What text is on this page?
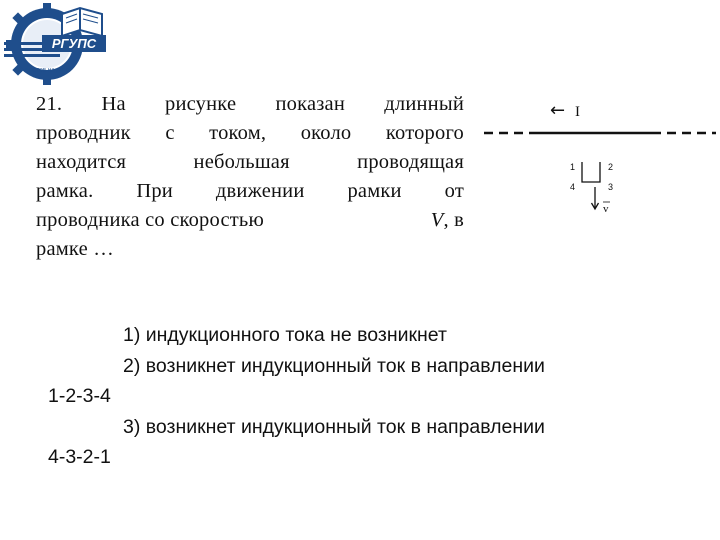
РГУПС
РОСТОВ-НА-ДОНУ
21. На рисунке показан длинный
проводник с током, около которого
находится небольшая проводящая
рамка. При движении рамки от
проводника со скоростью	V, в
рамке …
← I
1	2
4	3
v
1) индукционного тока не возникнет
2) возникнет индукционный ток в направлении
1-2-3-4
3) возникнет индукционный ток в направлении
4-3-2-1
